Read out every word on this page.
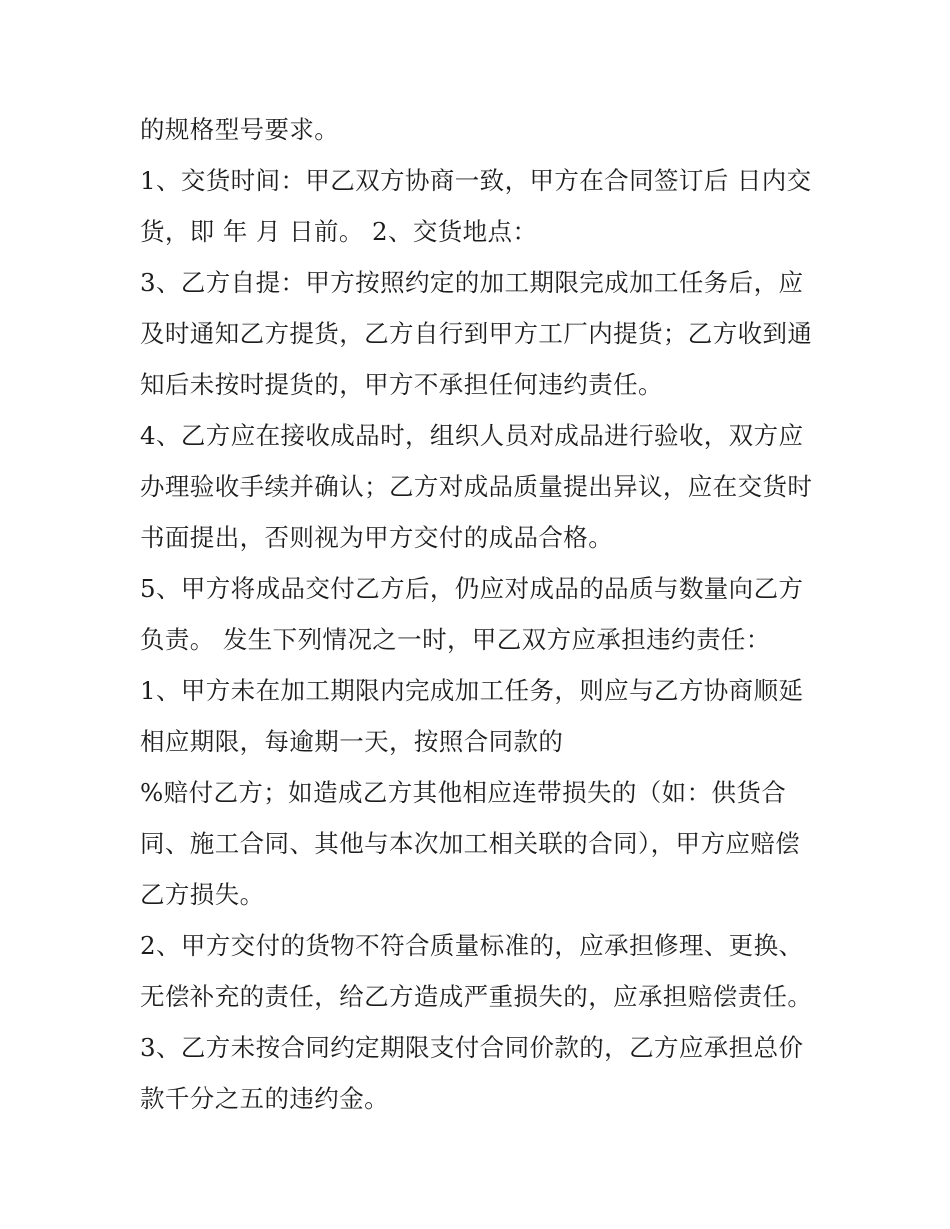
的规格型号要求。
1、交货时间：甲乙双方协商一致，甲方在合同签订后 日内交
货，即 年 月 日前。 2、交货地点：
3、乙方自提：甲方按照约定的加工期限完成加工任务后，应
及时通知乙方提货，乙方自行到甲方工厂内提货；乙方收到通
知后未按时提货的，甲方不承担任何违约责任。
4、乙方应在接收成品时，组织人员对成品进行验收，双方应
办理验收手续并确认；乙方对成品质量提出异议，应在交货时
书面提出，否则视为甲方交付的成品合格。
5、甲方将成品交付乙方后，仍应对成品的品质与数量向乙方
负责。 发生下列情况之一时，甲乙双方应承担违约责任：
1、甲方未在加工期限内完成加工任务，则应与乙方协商顺延
相应期限，每逾期一天，按照合同款的
%赔付乙方；如造成乙方其他相应连带损失的（如：供货合
同、施工合同、其他与本次加工相关联的合同），甲方应赔偿
乙方损失。
2、甲方交付的货物不符合质量标准的，应承担修理、更换、
无偿补充的责任，给乙方造成严重损失的，应承担赔偿责任。
3、乙方未按合同约定期限支付合同价款的，乙方应承担总价
款千分之五的违约金。
